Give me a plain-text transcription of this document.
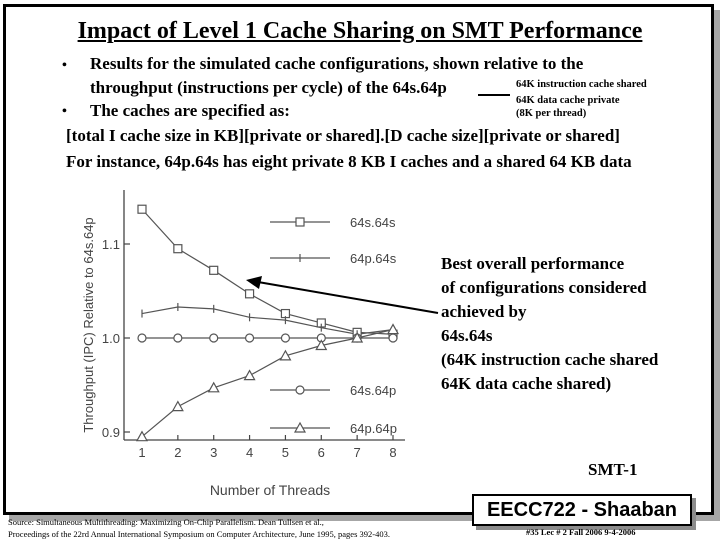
Impact of Level 1 Cache Sharing on SMT Performance
• Results for the simulated cache configurations, shown relative to the
throughput (instructions per cycle) of the 64s.64p
• The caches are specified as:
[total I cache size in KB][private or shared].[D cache size][private or shared]
For instance, 64p.64s has eight private 8 KB I caches and a shared 64 KB data
64K instruction cache shared
64K data cache private
(8K per thread)
0.9
1.0
1.1
1 2 3 4 5 6 7 8
64s.64s
64p.64s
64s.64p
64p.64p
Throughput (IPC) Relative to 64s.64p
Number of Threads
Best overall performance
of configurations considered
achieved by
64s.64s
(64K instruction cache shared
64K data cache shared)
SMT-1
Source: Simultaneous Multithreading: Maximizing On-Chip Parallelism. Dean Tullsen et al.,
Proceedings of the 22rd Annual International Symposium on Computer Architecture, June 1995, pages 392-403.
EECC722 - Shaaban
#35 Lec # 2 Fall 2006 9-4-2006
